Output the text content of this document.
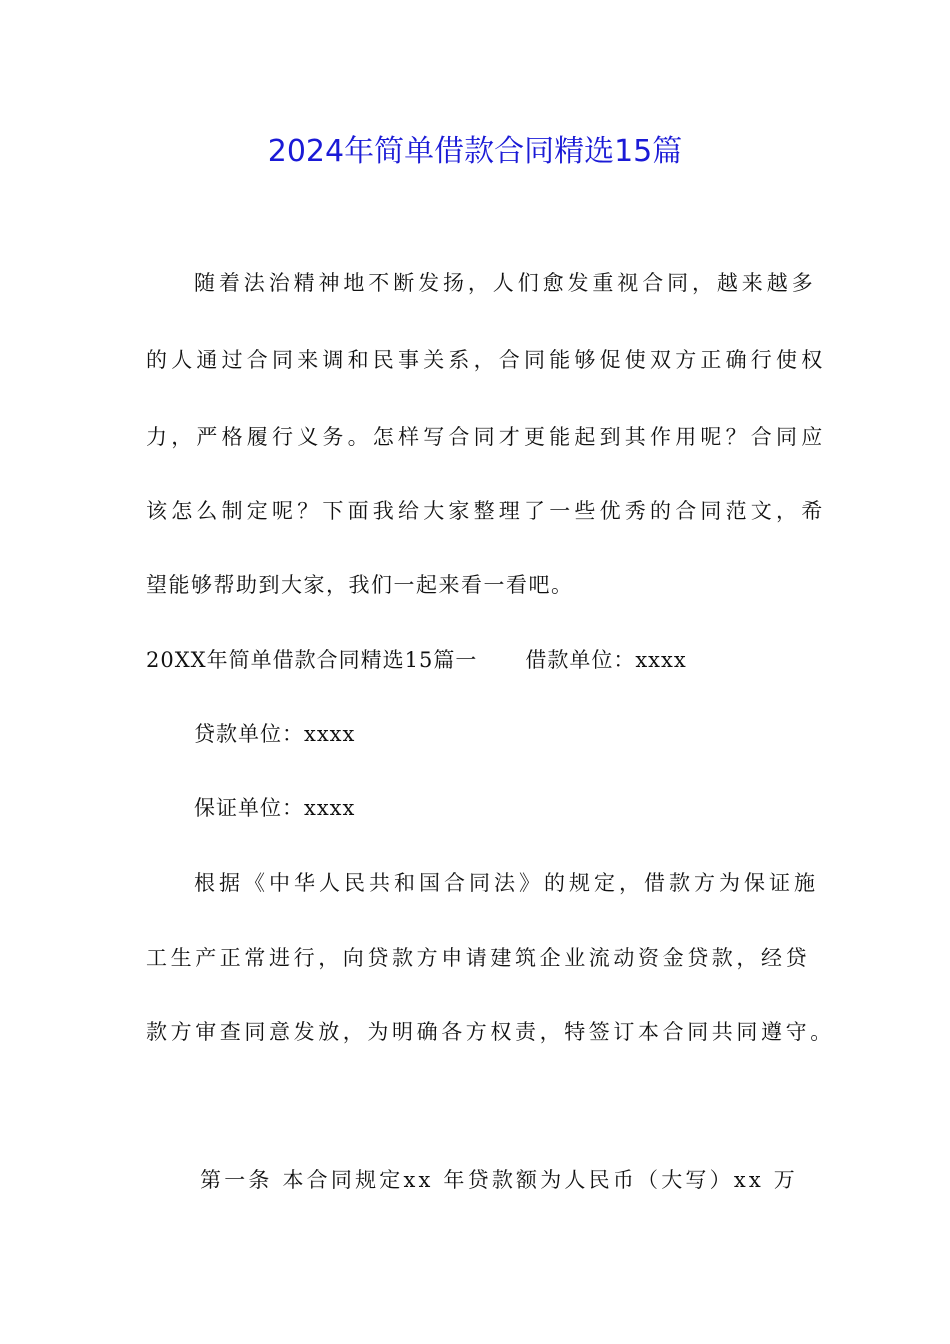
2024年简单借款合同精选15篇

随着法治精神地不断发扬，人们愈发重视合同，越来越多

的人通过合同来调和民事关系，合同能够促使双方正确行使权

力，严格履行义务。怎样写合同才更能起到其作用呢？合同应

该怎么制定呢？下面我给大家整理了一些优秀的合同范文，希

望能够帮助到大家，我们一起来看一看吧。

20XX年简单借款合同精选15篇一 借款单位：xxxx

贷款单位：xxxx

保证单位：xxxx

根据《中华人民共和国合同法》的规定，借款方为保证施

工生产正常进行，向贷款方申请建筑企业流动资金贷款，经贷

款方审查同意发放，为明确各方权责，特签订本合同共同遵守。

第一条 本合同规定xx 年贷款额为人民币（大写）xx 万
